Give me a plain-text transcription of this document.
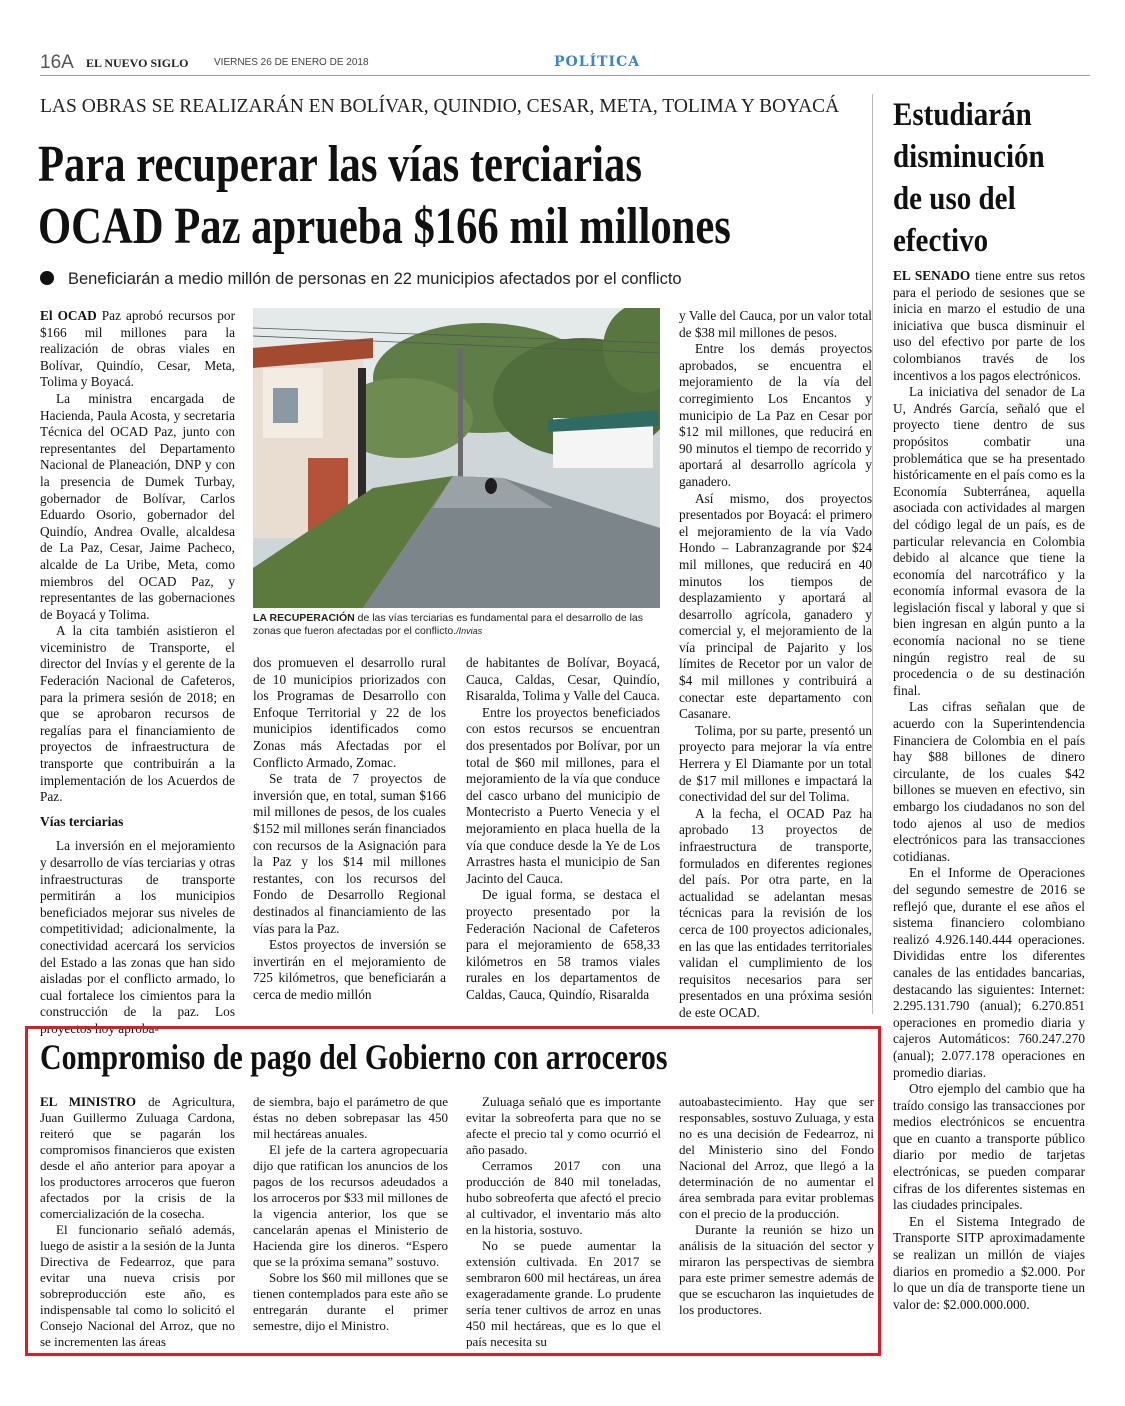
16A EL NUEVO SIGLO	VIERNES 26 DE ENERO DE 2018	POLÍTICA
LAS OBRAS SE REALIZARÁN EN BOLÍVAR, QUINDIO, CESAR, META, TOLIMA Y BOYACÁ
Para recuperar las vías terciarias
OCAD Paz aprueba $166 mil millones
Beneficiarán a medio millón de personas en 22 municipios afectados por el conflicto

El OCAD Paz aprobó recursos por $166 mil millones para la realización de obras viales en Bolívar, Quindío, Cesar, Meta, Tolima y Boyacá.

La ministra encargada de Hacienda, Paula Acosta, y secretaria Técnica del OCAD Paz, junto con representantes del Departamento Nacional de Planeación, DNP y con la presencia de Dumek Turbay, gobernador de Bolívar, Carlos Eduardo Osorio, gobernador del Quindío, Andrea Ovalle, alcaldesa de La Paz, Cesar, Jaime Pacheco, alcalde de La Uribe, Meta, como miembros del OCAD Paz, y representantes de las gobernaciones de Boyacá y Tolima.

A la cita también asistieron el viceministro de Transporte, el director del Invías y el gerente de la Federación Nacional de Cafeteros, para la primera sesión de 2018; en que se aprobaron recursos de regalías para el financiamiento de proyectos de infraestructura de transporte que contribuirán a la implementación de los Acuerdos de Paz.

Vías terciarias

La inversión en el mejoramiento y desarrollo de vías terciarias y otras infraestructuras de transporte permitirán a los municipios beneficiados mejorar sus niveles de competitividad; adicionalmente, la conectividad acercará los servicios del Estado a las zonas que han sido aisladas por el conflicto armado, lo cual fortalece los cimientos para la construcción de la paz. Los proyectos hoy aproba-

LA RECUPERACIÓN de las vías terciarias es fundamental para el desarrollo de las zonas que fueron afectadas por el conflicto./Invias

dos promueven el desarrollo rural de 10 municipios priorizados con los Programas de Desarrollo con Enfoque Territorial y 22 de los municipios identificados como Zonas más Afectadas por el Conflicto Armado, Zomac.

Se trata de 7 proyectos de inversión que, en total, suman $166 mil millones de pesos, de los cuales $152 mil millones serán financiados con recursos de la Asignación para la Paz y los $14 mil millones restantes, con los recursos del Fondo de Desarrollo Regional destinados al financiamiento de las vías para la Paz.

Estos proyectos de inversión se invertirán en el mejoramiento de 725 kilómetros, que beneficiarán a cerca de medio millón

de habitantes de Bolívar, Boyacá, Cauca, Caldas, Cesar, Quindío, Risaralda, Tolima y Valle del Cauca.

Entre los proyectos beneficiados con estos recursos se encuentran dos presentados por Bolívar, por un total de $60 mil millones, para el mejoramiento de la vía que conduce del casco urbano del municipio de Montecristo a Puerto Venecia y el mejoramiento en placa huella de la vía que conduce desde la Ye de Los Arrastres hasta el municipio de San Jacinto del Cauca.

De igual forma, se destaca el proyecto presentado por la Federación Nacional de Cafeteros para el mejoramiento de 658,33 kilómetros en 58 tramos viales rurales en los departamentos de Caldas, Cauca, Quindío, Risaralda

y Valle del Cauca, por un valor total de $38 mil millones de pesos.

Entre los demás proyectos aprobados, se encuentra el mejoramiento de la vía del corregimiento Los Encantos y municipio de La Paz en Cesar por $12 mil millones, que reducirá en 90 minutos el tiempo de recorrido y aportará al desarrollo agrícola y ganadero.

Así mismo, dos proyectos presentados por Boyacá: el primero el mejoramiento de la vía Vado Hondo – Labranzagrande por $24 mil millones, que reducirá en 40 minutos los tiempos de desplazamiento y aportará al desarrollo agrícola, ganadero y comercial y, el mejoramiento de la vía principal de Pajarito y los límites de Recetor por un valor de $4 mil millones y contribuirá a conectar este departamento con Casanare.

Tolima, por su parte, presentó un proyecto para mejorar la vía entre Herrera y El Diamante por un total de $17 mil millones e impactará la conectividad del sur del Tolima.

A la fecha, el OCAD Paz ha aprobado 13 proyectos de infraestructura de transporte, formulados en diferentes regiones del país. Por otra parte, en la actualidad se adelantan mesas técnicas para la revisión de los cerca de 100 proyectos adicionales, en las que las entidades territoriales validan el cumplimiento de los requisitos necesarios para ser presentados en una próxima sesión de este OCAD.

Estudiarán disminución de uso del efectivo

EL SENADO tiene entre sus retos para el periodo de sesiones que se inicia en marzo el estudio de una iniciativa que busca disminuir el uso del efectivo por parte de los colombianos través de los incentivos a los pagos electrónicos.

La iniciativa del senador de La U, Andrés García, señaló que el proyecto tiene dentro de sus propósitos combatir una problemática que se ha presentado históricamente en el país como es la Economía Subterránea, aquella asociada con actividades al margen del código legal de un país, es de particular relevancia en Colombia debido al alcance que tiene la economía del narcotráfico y la economía informal evasora de la legislación fiscal y laboral y que si bien ingresan en algún punto a la economía nacional no se tiene ningún registro real de su procedencia o de su destinación final.

Las cifras señalan que de acuerdo con la Superintendencia Financiera de Colombia en el país hay $88 billones de dinero circulante, de los cuales $42 billones se mueven en efectivo, sin embargo los ciudadanos no son del todo ajenos al uso de medios electrónicos para las transacciones cotidianas.

En el Informe de Operaciones del segundo semestre de 2016 se reflejó que, durante el ese años el sistema financiero colombiano realizó 4.926.140.444 operaciones. Divididas entre los diferentes canales de las entidades bancarias, destacando las siguientes: Internet: 2.295.131.790 (anual); 6.270.851 operaciones en promedio diaria y cajeros Automáticos: 760.247.270 (anual); 2.077.178 operaciones en promedio diarias.

Otro ejemplo del cambio que ha traído consigo las transacciones por medios electrónicos se encuentra que en cuanto a transporte público diario por medio de tarjetas electrónicas, se pueden comparar cifras de los diferentes sistemas en las ciudades principales.

En el Sistema Integrado de Transporte SITP aproximadamente se realizan un millón de viajes diarios en promedio a $2.000. Por lo que un día de transporte tiene un valor de: $2.000.000.000.

Compromiso de pago del Gobierno con arroceros

EL MINISTRO de Agricultura, Juan Guillermo Zuluaga Cardona, reiteró que se pagarán los compromisos financieros que existen desde el año anterior para apoyar a los productores arroceros que fueron afectados por la crisis de la comercialización de la cosecha.

El funcionario señaló además, luego de asistir a la sesión de la Junta Directiva de Fedearroz, que para evitar una nueva crisis por sobreproducción este año, es indispensable tal como lo solicitó el Consejo Nacional del Arroz, que no se incrementen las áreas

de siembra, bajo el parámetro de que éstas no deben sobrepasar las 450 mil hectáreas anuales.

El jefe de la cartera agropecuaria dijo que ratifican los anuncios de los pagos de los recursos adeudados a los arroceros por $33 mil millones de la vigencia anterior, los que se cancelarán apenas el Ministerio de Hacienda gire los dineros. “Espero que se la próxima semana” sostuvo.

Sobre los $60 mil millones que se tienen contemplados para este año se entregarán durante el primer semestre, dijo el Ministro.

Zuluaga señaló que es importante evitar la sobreoferta para que no se afecte el precio tal y como ocurrió el año pasado.

Cerramos 2017 con una producción de 840 mil toneladas, hubo sobreoferta que afectó el precio al cultivador, el inventario más alto en la historia, sostuvo.

No se puede aumentar la extensión cultivada. En 2017 se sembraron 600 mil hectáreas, un área exageradamente grande. Lo prudente sería tener cultivos de arroz en unas 450 mil hectáreas, que es lo que el país necesita su

autoabastecimiento. Hay que ser responsables, sostuvo Zuluaga, y esta no es una decisión de Fedearroz, ni del Ministerio sino del Fondo Nacional del Arroz, que llegó a la determinación de no aumentar el área sembrada para evitar problemas con el precio de la producción.

Durante la reunión se hizo un análisis de la situación del sector y miraron las perspectivas de siembra para este primer semestre además de que se escucharon las inquietudes de los productores.
